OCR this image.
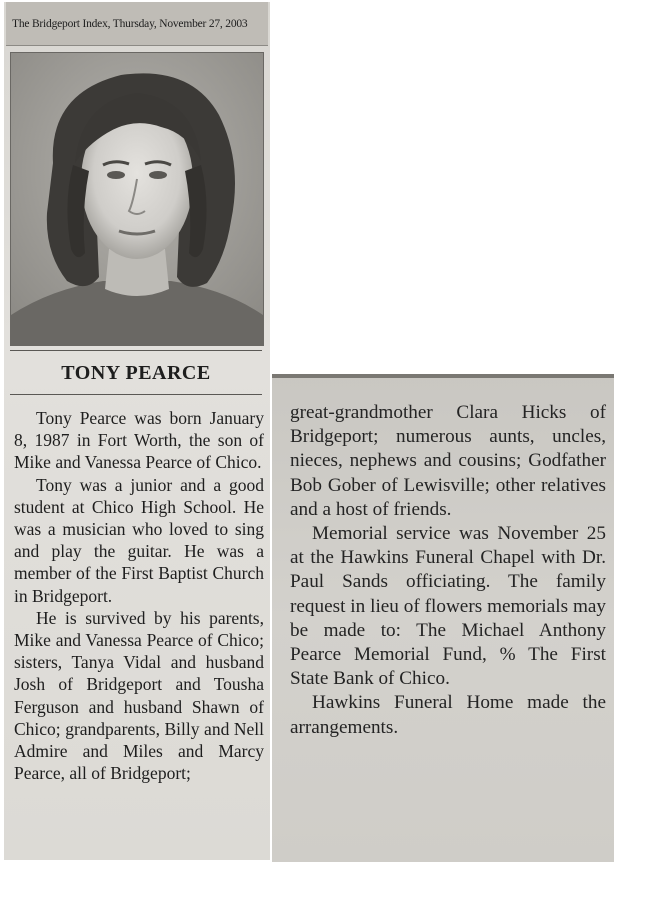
The Bridgeport Index, Thursday, November 27, 2003
TONY PEARCE

Tony Pearce was born January 8, 1987 in Fort Worth, the son of Mike and Vanessa Pearce of Chico.

Tony was a junior and a good student at Chico High School. He was a musician who loved to sing and play the guitar. He was a member of the First Baptist Church in Bridgeport.

He is survived by his parents, Mike and Vanessa Pearce of Chico; sisters, Tanya Vidal and husband Josh of Bridgeport and Tousha Ferguson and husband Shawn of Chico; grandparents, Billy and Nell Admire and Miles and Marcy Pearce, all of Bridgeport;

great-grandmother Clara Hicks of Bridgeport; numerous aunts, uncles, nieces, nephews and cousins; Godfather Bob Gober of Lewisville; other relatives and a host of friends.

Memorial service was November 25 at the Hawkins Funeral Chapel with Dr. Paul Sands officiating. The family request in lieu of flowers memorials may be made to: The Michael Anthony Pearce Memorial Fund, % The First State Bank of Chico.

Hawkins Funeral Home made the arrangements.
